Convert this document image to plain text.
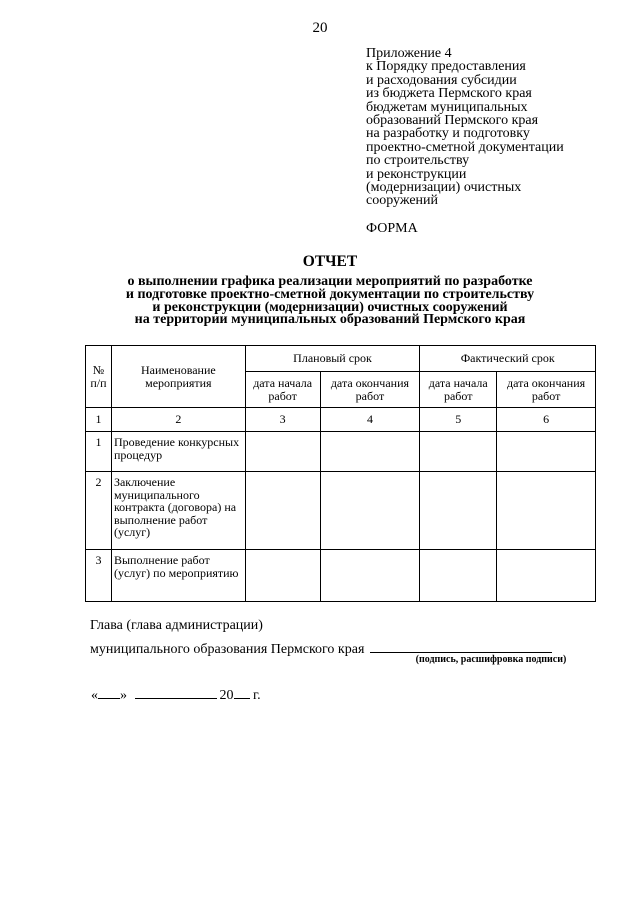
20
Приложение 4
к Порядку предоставления
и расходования субсидии
из бюджета Пермского края
бюджетам муниципальных
образований Пермского края
на разработку и подготовку
проектно-сметной документации
по строительству
и реконструкции
(модернизации) очистных
сооружений
ФОРМА
ОТЧЕТ
о выполнении графика реализации мероприятий по разработке
и подготовке проектно-сметной документации по строительству
и реконструкции (модернизации) очистных сооружений
на территории муниципальных образований Пермского края
№ п/п	Наименование мероприятия	Плановый срок		Фактический срок	
		дата начала работ	дата окончания работ	дата начала работ	дата окончания работ
1	2	3	4	5	6
1	Проведение конкурсных процедур				
2	Заключение муниципального контракта (договора) на выполнение работ (услуг)				
3	Выполнение работ (услуг) по мероприятию				
Глава (глава администрации)
муниципального образования Пермского края
(подпись, расшифровка подписи)
« »	20 г.
